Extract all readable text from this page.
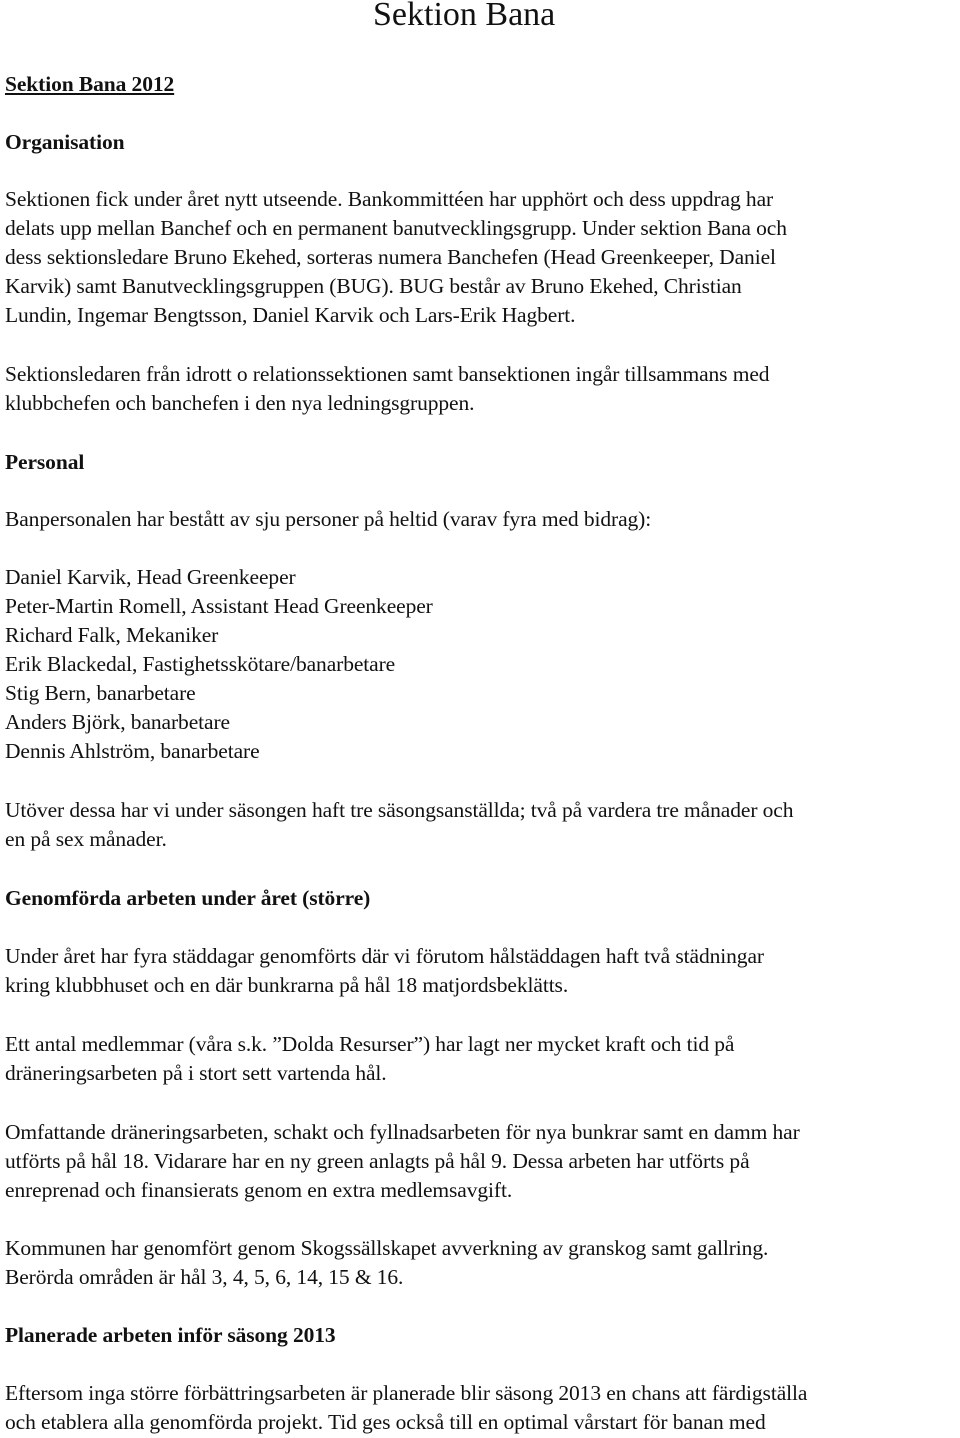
Sektion Bana
Sektion Bana 2012
Organisation
Sektionen fick under året nytt utseende. Bankommittéen har upphört och dess uppdrag har
delats upp mellan Banchef och en permanent banutvecklingsgrupp. Under sektion Bana och
dess sektionsledare Bruno Ekehed, sorteras numera Banchefen (Head Greenkeeper, Daniel
Karvik) samt Banutvecklingsgruppen (BUG). BUG består av Bruno Ekehed, Christian
Lundin, Ingemar Bengtsson, Daniel Karvik och Lars-Erik Hagbert.
Sektionsledaren från idrott o relationssektionen samt bansektionen ingår tillsammans med
klubbchefen och banchefen i den nya ledningsgruppen.
Personal
Banpersonalen har bestått av sju personer på heltid (varav fyra med bidrag):
Daniel Karvik, Head Greenkeeper
Peter-Martin Romell, Assistant Head Greenkeeper
Richard Falk, Mekaniker
Erik Blackedal, Fastighetsskötare/banarbetare
Stig Bern, banarbetare
Anders Björk, banarbetare
Dennis Ahlström, banarbetare
Utöver dessa har vi under säsongen haft tre säsongsanställda; två på vardera tre månader och
en på sex månader.
Genomförda arbeten under året (större)
Under året har fyra städdagar genomförts där vi förutom hålstäddagen haft två städningar
kring klubbhuset och en där bunkrarna på hål 18 matjordsbeklätts.
Ett antal medlemmar (våra s.k. ”Dolda Resurser”) har lagt ner mycket kraft och tid på
dräneringsarbeten på i stort sett vartenda hål.
Omfattande dräneringsarbeten, schakt och fyllnadsarbeten för nya bunkrar samt en damm har
utförts på hål 18. Vidarare har en ny green anlagts på hål 9. Dessa arbeten har utförts på
enreprenad och finansierats genom en extra medlemsavgift.
Kommunen har genomfört genom Skogssällskapet avverkning av granskog samt gallring.
Berörda områden är hål 3, 4, 5, 6, 14, 15 & 16.
Planerade arbeten inför säsong 2013
Eftersom inga större förbättringsarbeten är planerade blir säsong 2013 en chans att färdigställa
och etablera alla genomförda projekt. Tid ges också till en optimal vårstart för banan med
